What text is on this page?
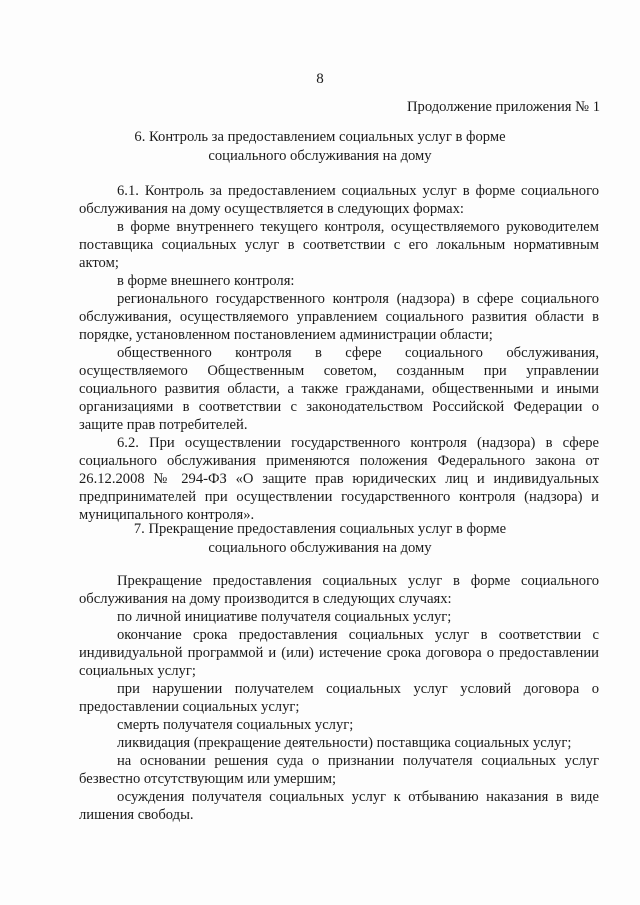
8
Продолжение приложения № 1
6. Контроль за предоставлением социальных услуг в форме
социального обслуживания на дому

6.1. Контроль за предоставлением социальных услуг в форме социального обслуживания на дому осуществляется в следующих формах:

в форме внутреннего текущего контроля, осуществляемого руководителем поставщика социальных услуг в соответствии с его локальным нормативным актом;

в форме внешнего контроля:

регионального государственного контроля (надзора) в сфере социального обслуживания, осуществляемого управлением социального развития области в порядке, установленном постановлением администрации области;

общественного контроля в сфере социального обслуживания, осуществляемого Общественным советом, созданным при управлении социального развития области, а также гражданами, общественными и иными организациями в соответствии с законодательством Российской Федерации о защите прав потребителей.

6.2. При осуществлении государственного контроля (надзора) в сфере социального обслуживания применяются положения Федерального закона от 26.12.2008 № 294-ФЗ «О защите прав юридических лиц и индивидуальных предпринимателей при осуществлении государственного контроля (надзора) и муниципального контроля».

7. Прекращение предоставления социальных услуг в форме
социального обслуживания на дому

Прекращение предоставления социальных услуг в форме социального обслуживания на дому производится в следующих случаях:

по личной инициативе получателя социальных услуг;

окончание срока предоставления социальных услуг в соответствии с индивидуальной программой и (или) истечение срока договора о предоставлении социальных услуг;

при нарушении получателем социальных услуг условий договора о предоставлении социальных услуг;

смерть получателя социальных услуг;

ликвидация (прекращение деятельности) поставщика социальных услуг;

на основании решения суда о признании получателя социальных услуг безвестно отсутствующим или умершим;

осуждения получателя социальных услуг к отбыванию наказания в виде лишения свободы.
